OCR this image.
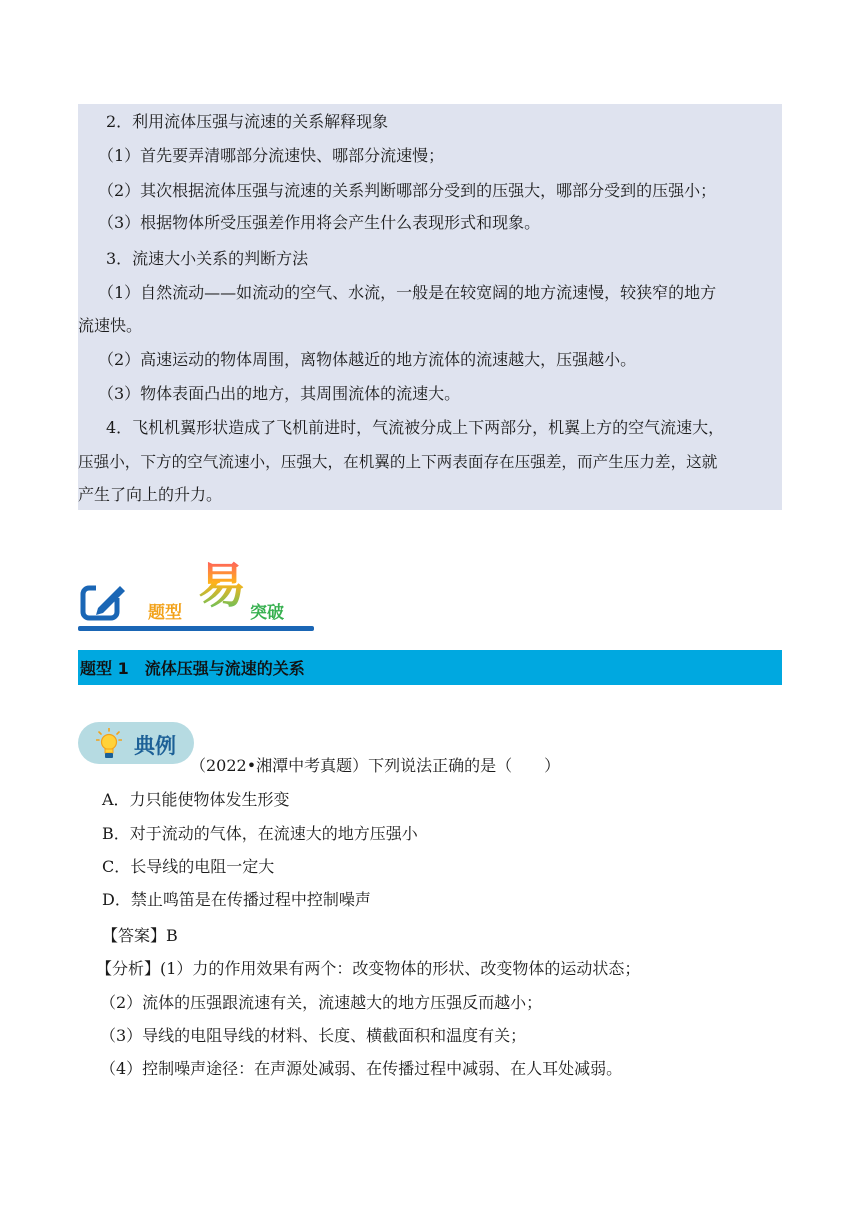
2．利用流体压强与流速的关系解释现象
（1）首先要弄清哪部分流速快、哪部分流速慢；
（2）其次根据流体压强与流速的关系判断哪部分受到的压强大，哪部分受到的压强小；
（3）根据物体所受压强差作用将会产生什么表现形式和现象。
3．流速大小关系的判断方法
（1）自然流动——如流动的空气、水流，一般是在较宽阔的地方流速慢，较狭窄的地方
流速快。
（2）高速运动的物体周围，离物体越近的地方流体的流速越大，压强越小。
（3）物体表面凸出的地方，其周围流体的流速大。
4．飞机机翼形状造成了飞机前进时，气流被分成上下两部分，机翼上方的空气流速大，
压强小，下方的空气流速小，压强大，在机翼的上下两表面存在压强差，而产生压力差，这就
产生了向上的升力。
题型 易 突破
题型 1　流体压强与流速的关系
典例
（2022•湘潭中考真题）下列说法正确的是（　　）
A．力只能使物体发生形变
B．对于流动的气体，在流速大的地方压强小
C．长导线的电阻一定大
D．禁止鸣笛是在传播过程中控制噪声
【答案】B
【分析】(1）力的作用效果有两个：改变物体的形状、改变物体的运动状态；
（2）流体的压强跟流速有关，流速越大的地方压强反而越小；
（3）导线的电阻导线的材料、长度、横截面积和温度有关；
（4）控制噪声途径：在声源处减弱、在传播过程中减弱、在人耳处减弱。
